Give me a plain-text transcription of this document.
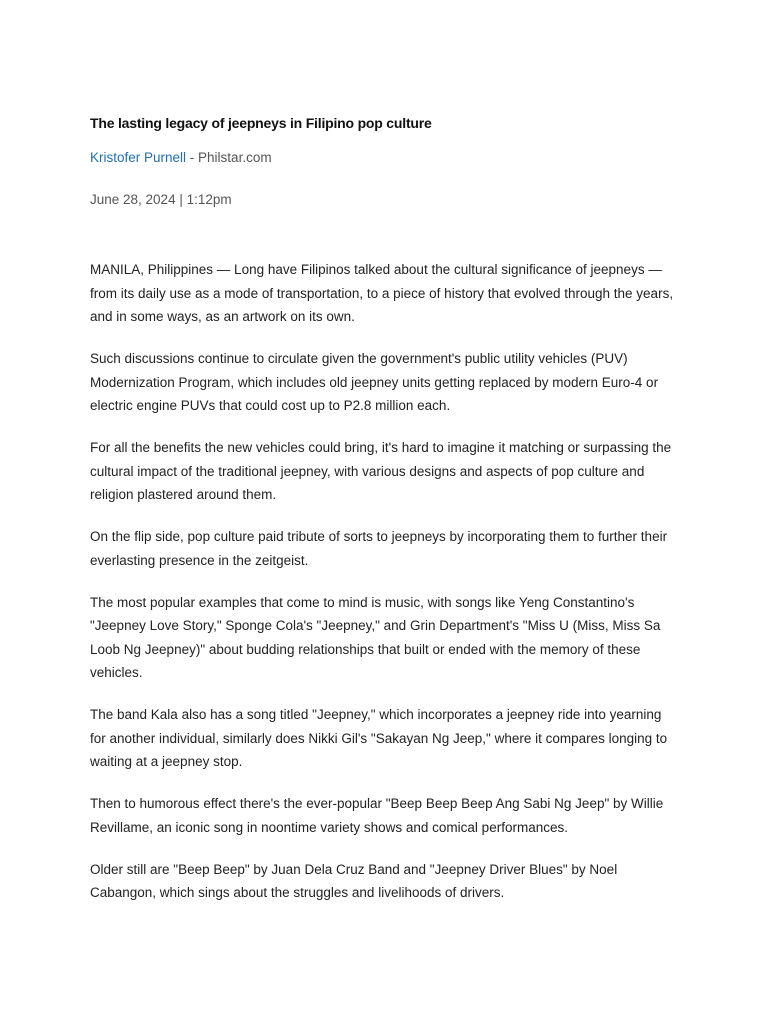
The lasting legacy of jeepneys in Filipino pop culture
Kristofer Purnell - Philstar.com
June 28, 2024 | 1:12pm

MANILA, Philippines — Long have Filipinos talked about the cultural significance of jeepneys — from its daily use as a mode of transportation, to a piece of history that evolved through the years, and in some ways, as an artwork on its own.

Such discussions continue to circulate given the government's public utility vehicles (PUV) Modernization Program, which includes old jeepney units getting replaced by modern Euro-4 or electric engine PUVs that could cost up to P2.8 million each.

For all the benefits the new vehicles could bring, it's hard to imagine it matching or surpassing the cultural impact of the traditional jeepney, with various designs and aspects of pop culture and religion plastered around them.

On the flip side, pop culture paid tribute of sorts to jeepneys by incorporating them to further their everlasting presence in the zeitgeist.

The most popular examples that come to mind is music, with songs like Yeng Constantino's "Jeepney Love Story," Sponge Cola's "Jeepney," and Grin Department's "Miss U (Miss, Miss Sa Loob Ng Jeepney)" about budding relationships that built or ended with the memory of these vehicles.

The band Kala also has a song titled "Jeepney," which incorporates a jeepney ride into yearning for another individual, similarly does Nikki Gil's "Sakayan Ng Jeep," where it compares longing to waiting at a jeepney stop.

Then to humorous effect there's the ever-popular "Beep Beep Beep Ang Sabi Ng Jeep" by Willie Revillame, an iconic song in noontime variety shows and comical performances.

Older still are "Beep Beep" by Juan Dela Cruz Band and "Jeepney Driver Blues" by Noel Cabangon, which sings about the struggles and livelihoods of drivers.
